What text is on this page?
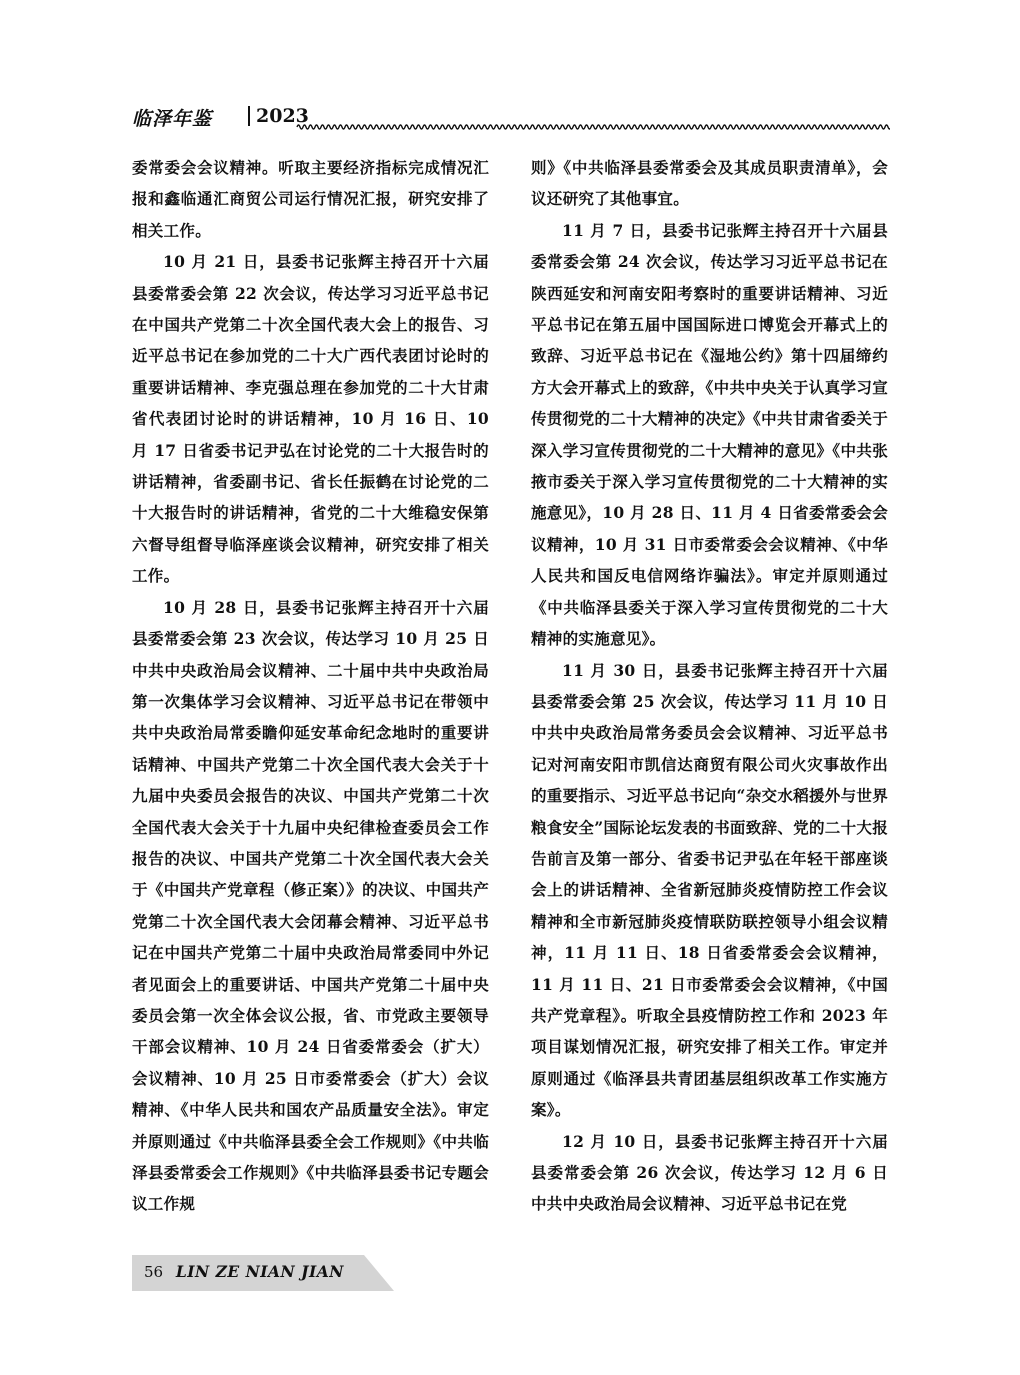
临泽年鉴 2023

委常委会会议精神。听取主要经济指标完成情况汇报和鑫临通汇商贸公司运行情况汇报，研究安排了相关工作。

10 月 21 日，县委书记张辉主持召开十六届县委常委会第 22 次会议，传达学习习近平总书记在中国共产党第二十次全国代表大会上的报告、习近平总书记在参加党的二十大广西代表团讨论时的重要讲话精神、李克强总理在参加党的二十大甘肃省代表团讨论时的讲话精神，10 月 16 日、10 月 17 日省委书记尹弘在讨论党的二十大报告时的讲话精神，省委副书记、省长任振鹤在讨论党的二十大报告时的讲话精神，省党的二十大维稳安保第六督导组督导临泽座谈会议精神，研究安排了相关工作。

10 月 28 日，县委书记张辉主持召开十六届县委常委会第 23 次会议，传达学习 10 月 25 日中共中央政治局会议精神、二十届中共中央政治局第一次集体学习会议精神、习近平总书记在带领中共中央政治局常委瞻仰延安革命纪念地时的重要讲话精神、中国共产党第二十次全国代表大会关于十九届中央委员会报告的决议、中国共产党第二十次全国代表大会关于十九届中央纪律检查委员会工作报告的决议、中国共产党第二十次全国代表大会关于《中国共产党章程（修正案）》的决议、中国共产党第二十次全国代表大会闭幕会精神、习近平总书记在中国共产党第二十届中央政治局常委同中外记者见面会上的重要讲话、中国共产党第二十届中央委员会第一次全体会议公报，省、市党政主要领导干部会议精神、10 月 24 日省委常委会（扩大）会议精神、10 月 25 日市委常委会（扩大）会议精神、《中华人民共和国农产品质量安全法》。审定并原则通过《中共临泽县委全会工作规则》《中共临泽县委常委会工作规则》《中共临泽县委书记专题会议工作规

则》《中共临泽县委常委会及其成员职责清单》，会议还研究了其他事宜。

11 月 7 日，县委书记张辉主持召开十六届县委常委会第 24 次会议，传达学习习近平总书记在陕西延安和河南安阳考察时的重要讲话精神、习近平总书记在第五届中国国际进口博览会开幕式上的致辞、习近平总书记在《湿地公约》第十四届缔约方大会开幕式上的致辞，《中共中央关于认真学习宣传贯彻党的二十大精神的决定》《中共甘肃省委关于深入学习宣传贯彻党的二十大精神的意见》《中共张掖市委关于深入学习宣传贯彻党的二十大精神的实施意见》，10 月 28 日、11 月 4 日省委常委会会议精神，10 月 31 日市委常委会会议精神、《中华人民共和国反电信网络诈骗法》。审定并原则通过《中共临泽县委关于深入学习宣传贯彻党的二十大精神的实施意见》。

11 月 30 日，县委书记张辉主持召开十六届县委常委会第 25 次会议，传达学习 11 月 10 日中共中央政治局常务委员会会议精神、习近平总书记对河南安阳市凯信达商贸有限公司火灾事故作出的重要指示、习近平总书记向“杂交水稻援外与世界粮食安全”国际论坛发表的书面致辞、党的二十大报告前言及第一部分、省委书记尹弘在年轻干部座谈会上的讲话精神、全省新冠肺炎疫情防控工作会议精神和全市新冠肺炎疫情联防联控领导小组会议精神，11 月 11 日、18 日省委常委会会议精神，11 月 11 日、21 日市委常委会会议精神，《中国共产党章程》。听取全县疫情防控工作和 2023 年项目谋划情况汇报，研究安排了相关工作。审定并原则通过《临泽县共青团基层组织改革工作实施方案》。

12 月 10 日，县委书记张辉主持召开十六届县委常委会第 26 次会议，传达学习 12 月 6 日中共中央政治局会议精神、习近平总书记在党

56 LIN ZE NIAN JIAN
